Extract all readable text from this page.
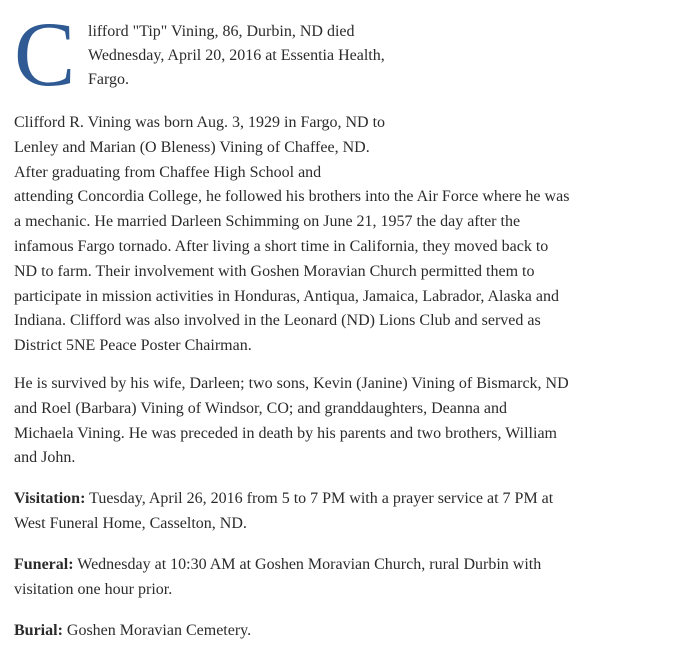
C lifford "Tip" Vining, 86, Durbin, ND died
Wednesday, April 20, 2016 at Essentia Health,
Fargo.
Clifford R. Vining was born Aug. 3, 1929 in Fargo, ND to
Lenley and Marian (O Bleness) Vining of Chaffee, ND.
After graduating from Chaffee High School and
attending Concordia College, he followed his brothers into the Air Force where he was
a mechanic. He married Darleen Schimming on June 21, 1957 the day after the
infamous Fargo tornado. After living a short time in California, they moved back to
ND to farm. Their involvement with Goshen Moravian Church permitted them to
participate in mission activities in Honduras, Antiqua, Jamaica, Labrador, Alaska and
Indiana. Clifford was also involved in the Leonard (ND) Lions Club and served as
District 5NE Peace Poster Chairman.
He is survived by his wife, Darleen; two sons, Kevin (Janine) Vining of Bismarck, ND
and Roel (Barbara) Vining of Windsor, CO; and granddaughters, Deanna and
Michaela Vining. He was preceded in death by his parents and two brothers, William
and John.
Visitation: Tuesday, April 26, 2016 from 5 to 7 PM with a prayer service at 7 PM at
West Funeral Home, Casselton, ND.
Funeral: Wednesday at 10:30 AM at Goshen Moravian Church, rural Durbin with
visitation one hour prior.
Burial: Goshen Moravian Cemetery.
